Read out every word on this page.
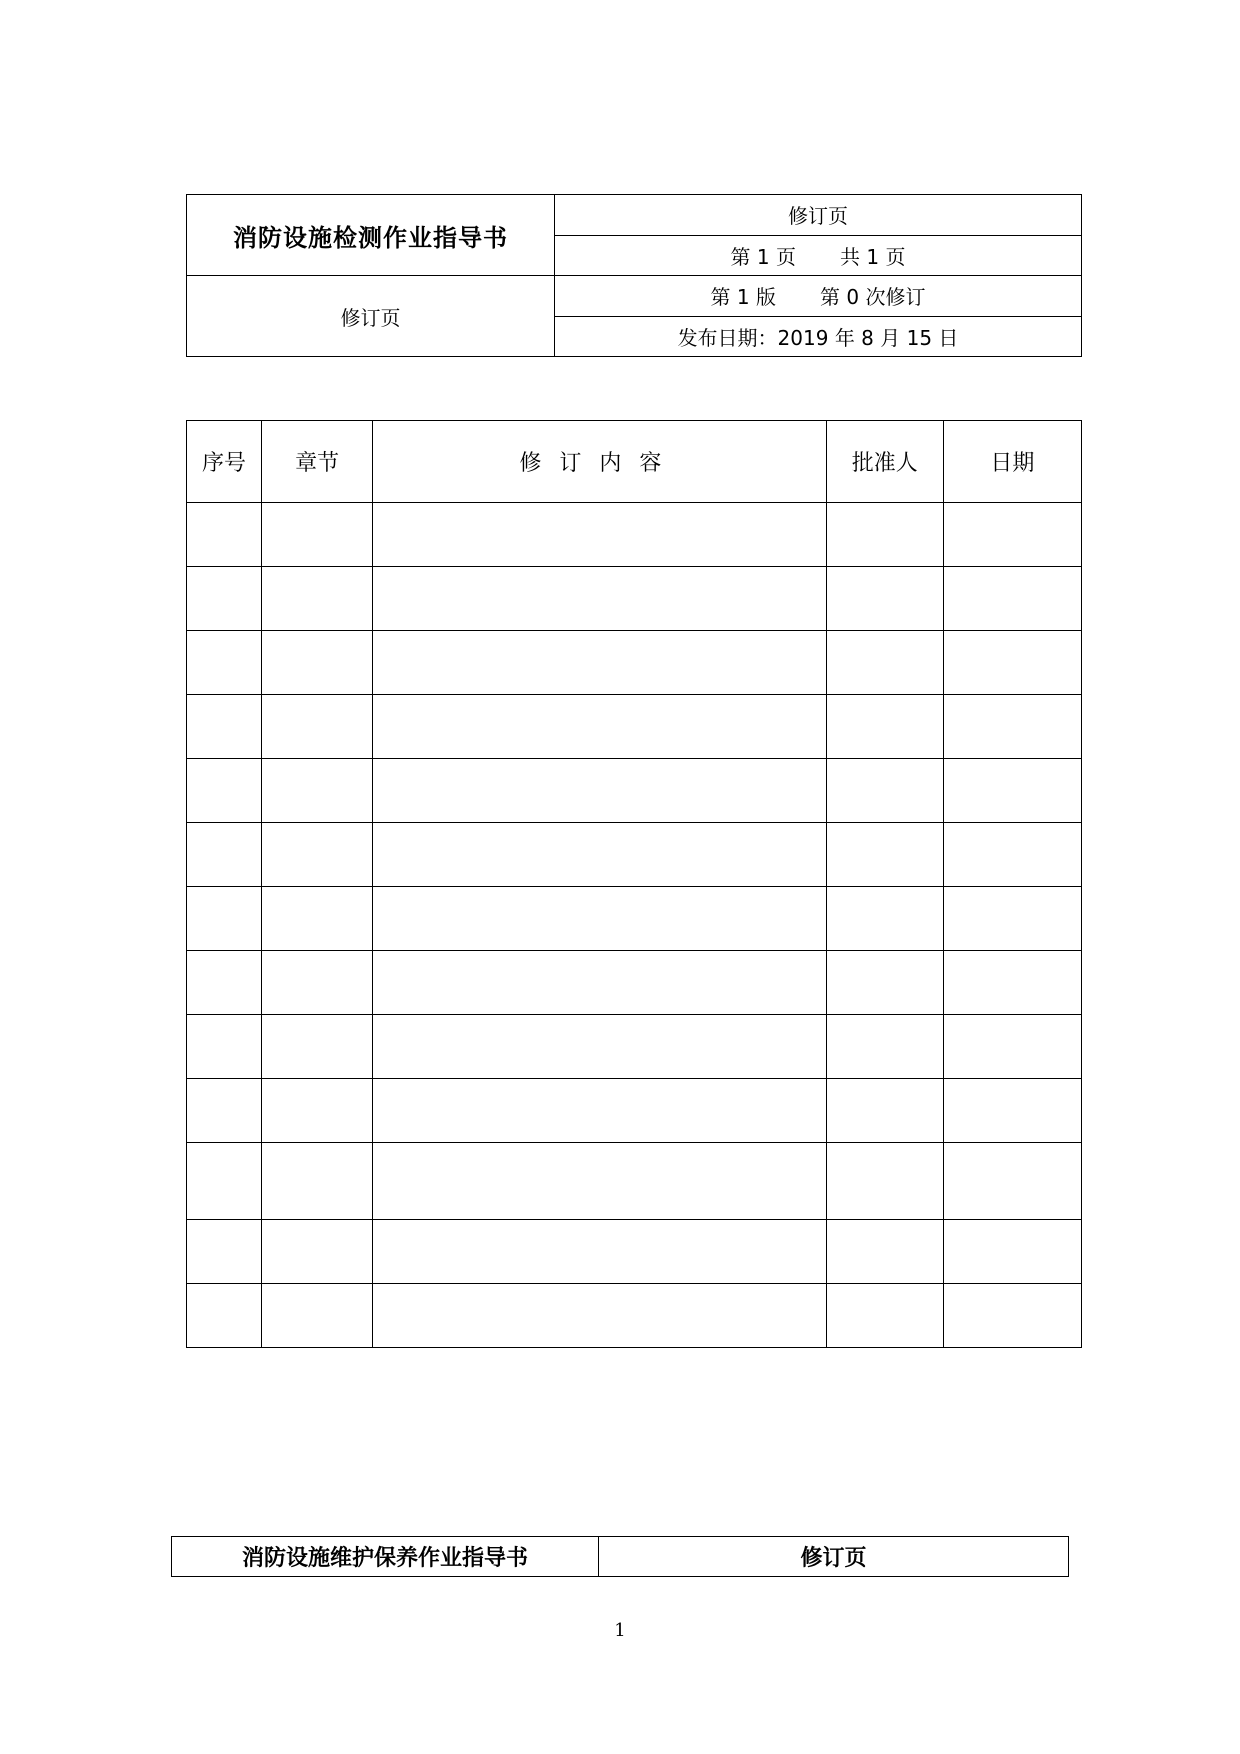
消防设施检测作业指导书	修订页
	第 1 页 共 1 页
修订页	第 1 版 第 0 次修订
	发布日期：2019 年 8 月 15 日
序号	章节	修订内容	批准人	日期

消防设施维护保养作业指导书	修订页
1
